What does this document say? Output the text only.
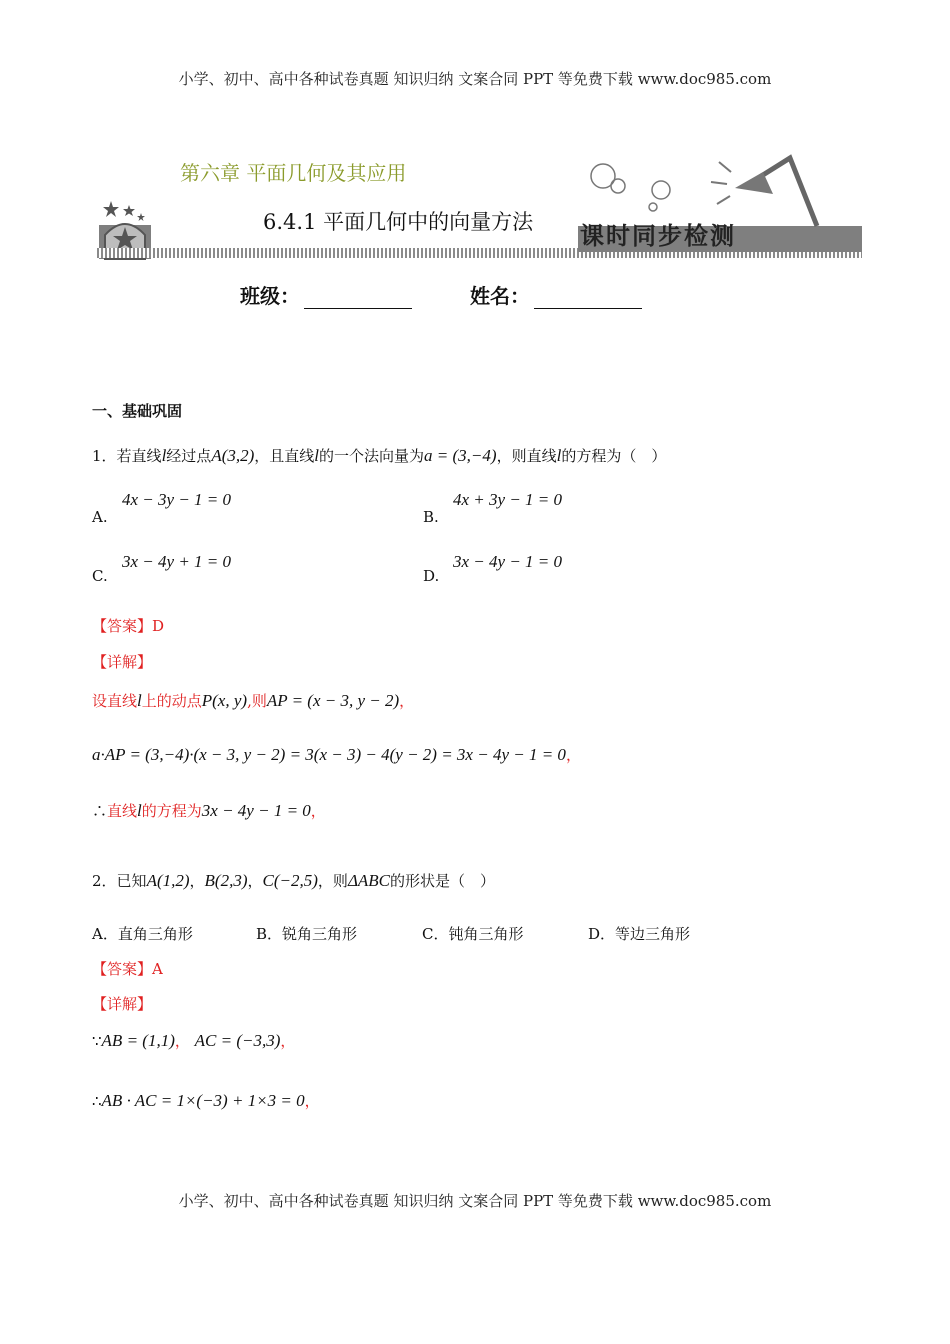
小学、初中、高中各种试卷真题 知识归纳 文案合同 PPT 等免费下载 www.doc985.com
第六章 平面几何及其应用
6.4.1 平面几何中的向量方法 课时同步检测
班级：	姓名：
一、基础巩固
1．若直线l经过点A(3,2)，且直线l的一个法向量为a = (3,−4)，则直线l的方程为（　）
A.
4x − 3y − 1 = 0
B.
4x + 3y − 1 = 0
C.
3x − 4y + 1 = 0
D.
3x − 4y − 1 = 0
【答案】D
【详解】
设直线l上的动点P(x, y),则AP = (x − 3, y − 2)，
a·AP = (3,−4)·(x − 3, y − 2) = 3(x − 3) − 4(y − 2) = 3x − 4y − 1 = 0，
∴直线l的方程为3x − 4y − 1 = 0，
2．已知A(1,2)，B(2,3)，C(−2,5)，则ΔABC的形状是（　）
A．直角三角形	B．锐角三角形	C．钝角三角形	D．等边三角形
【答案】A
【详解】
∵AB = (1,1)， AC = (−3,3)，
∴AB · AC = 1×(−3) + 1×3 = 0，
小学、初中、高中各种试卷真题 知识归纳 文案合同 PPT 等免费下载 www.doc985.com
